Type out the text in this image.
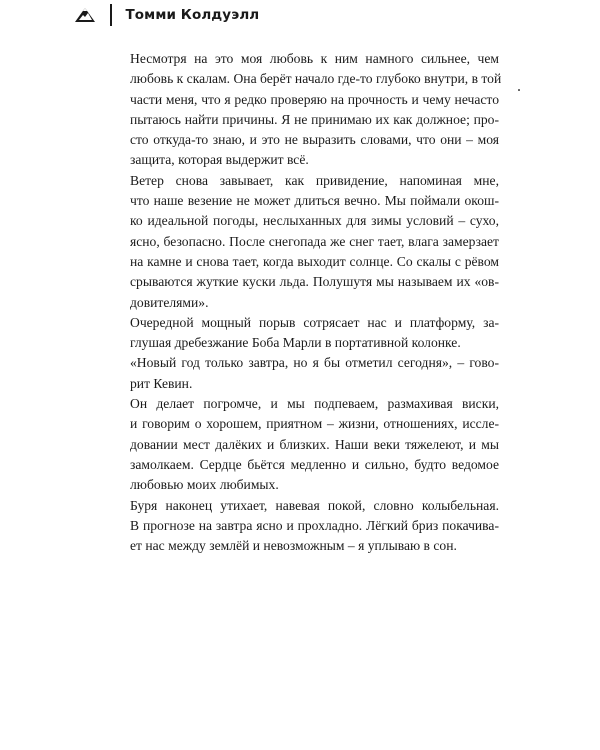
Томми Колдуэлл

Несмотря на это моя любовь к ним намного сильнее, чем
любовь к скалам. Она берёт начало где-то глубоко внутри, в той
части меня, что я редко проверяю на прочность и чему нечасто
пытаюсь найти причины. Я не принимаю их как должное; про-
сто откуда-то знаю, и это не выразить словами, что они – моя
защита, которая выдержит всё.

Ветер снова завывает, как привидение, напоминая мне,
что наше везение не может длиться вечно. Мы поймали окош-
ко идеальной погоды, неслыханных для зимы условий – сухо,
ясно, безопасно. После снегопада же снег тает, влага замерзает
на камне и снова тает, когда выходит солнце. Со скалы с рёвом
срываются жуткие куски льда. Полушутя мы называем их «ов-
довителями».

Очередной мощный порыв сотрясает нас и платформу, за-
глушая дребезжание Боба Марли в портативной колонке.

«Новый год только завтра, но я бы отметил сегодня», – гово-
рит Кевин.

Он делает погромче, и мы подпеваем, размахивая виски,
и говорим о хорошем, приятном – жизни, отношениях, иссле-
довании мест далёких и близких. Наши веки тяжелеют, и мы
замолкаем. Сердце бьётся медленно и сильно, будто ведомое
любовью моих любимых.

Буря наконец утихает, навевая покой, словно колыбельная.
В прогнозе на завтра ясно и прохладно. Лёгкий бриз покачива-
ет нас между землёй и невозможным – я уплываю в сон.
